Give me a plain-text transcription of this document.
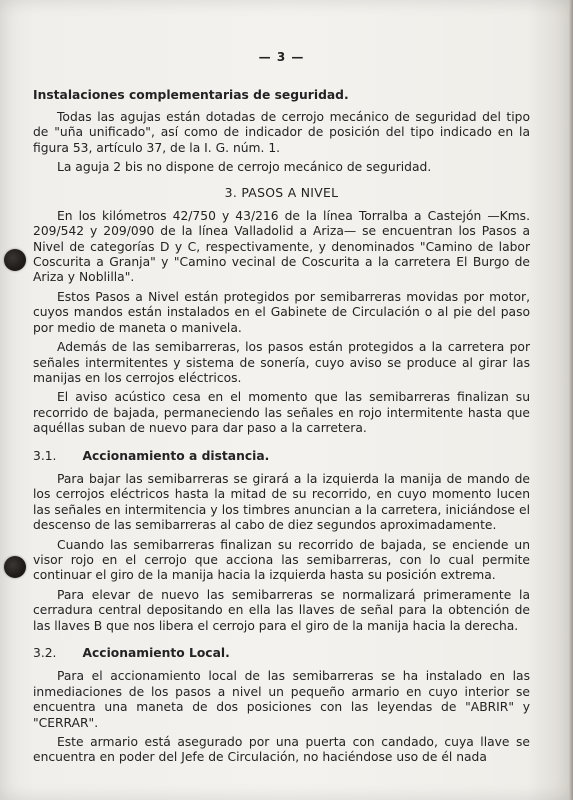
— 3 —
Instalaciones complementarias de seguridad.

Todas las agujas están dotadas de cerrojo mecánico de seguridad del tipo de "uña unificado", así como de indicador de posición del tipo indicado en la figura 53, artículo 37, de la I. G. núm. 1.

La aguja 2 bis no dispone de cerrojo mecánico de seguridad.

3. PASOS A NIVEL

En los kilómetros 42/750 y 43/216 de la línea Torralba a Castejón —Kms. 209/542 y 209/090 de la línea Valladolid a Ariza— se encuentran los Pasos a Nivel de categorías D y C, respectivamente, y denominados "Camino de labor Coscurita a Granja" y "Camino vecinal de Coscurita a la carretera El Burgo de Ariza y Noblilla".

Estos Pasos a Nivel están protegidos por semibarreras movidas por motor, cuyos mandos están instalados en el Gabinete de Circulación o al pie del paso por medio de maneta o manivela.

Además de las semibarreras, los pasos están protegidos a la carretera por señales intermitentes y sistema de sonería, cuyo aviso se produce al girar las manijas en los cerrojos eléctricos.

El aviso acústico cesa en el momento que las semibarreras finalizan su recorrido de bajada, permaneciendo las señales en rojo intermitente hasta que aquéllas suban de nuevo para dar paso a la carretera.

3.1. Accionamiento a distancia.

Para bajar las semibarreras se girará a la izquierda la manija de mando de los cerrojos eléctricos hasta la mitad de su recorrido, en cuyo momento lucen las señales en intermitencia y los timbres anuncian a la carretera, iniciándose el descenso de las semibarreras al cabo de diez segundos aproximadamente.

Cuando las semibarreras finalizan su recorrido de bajada, se enciende un visor rojo en el cerrojo que acciona las semibarreras, con lo cual permite continuar el giro de la manija hacia la izquierda hasta su posición extrema.

Para elevar de nuevo las semibarreras se normalizará primeramente la cerradura central depositando en ella las llaves de señal para la obtención de las llaves B que nos libera el cerrojo para el giro de la manija hacia la derecha.

3.2. Accionamiento Local.

Para el accionamiento local de las semibarreras se ha instalado en las inmediaciones de los pasos a nivel un pequeño armario en cuyo interior se encuentra una maneta de dos posiciones con las leyendas de "ABRIR" y "CERRAR".

Este armario está asegurado por una puerta con candado, cuya llave se encuentra en poder del Jefe de Circulación, no haciéndose uso de él nada
